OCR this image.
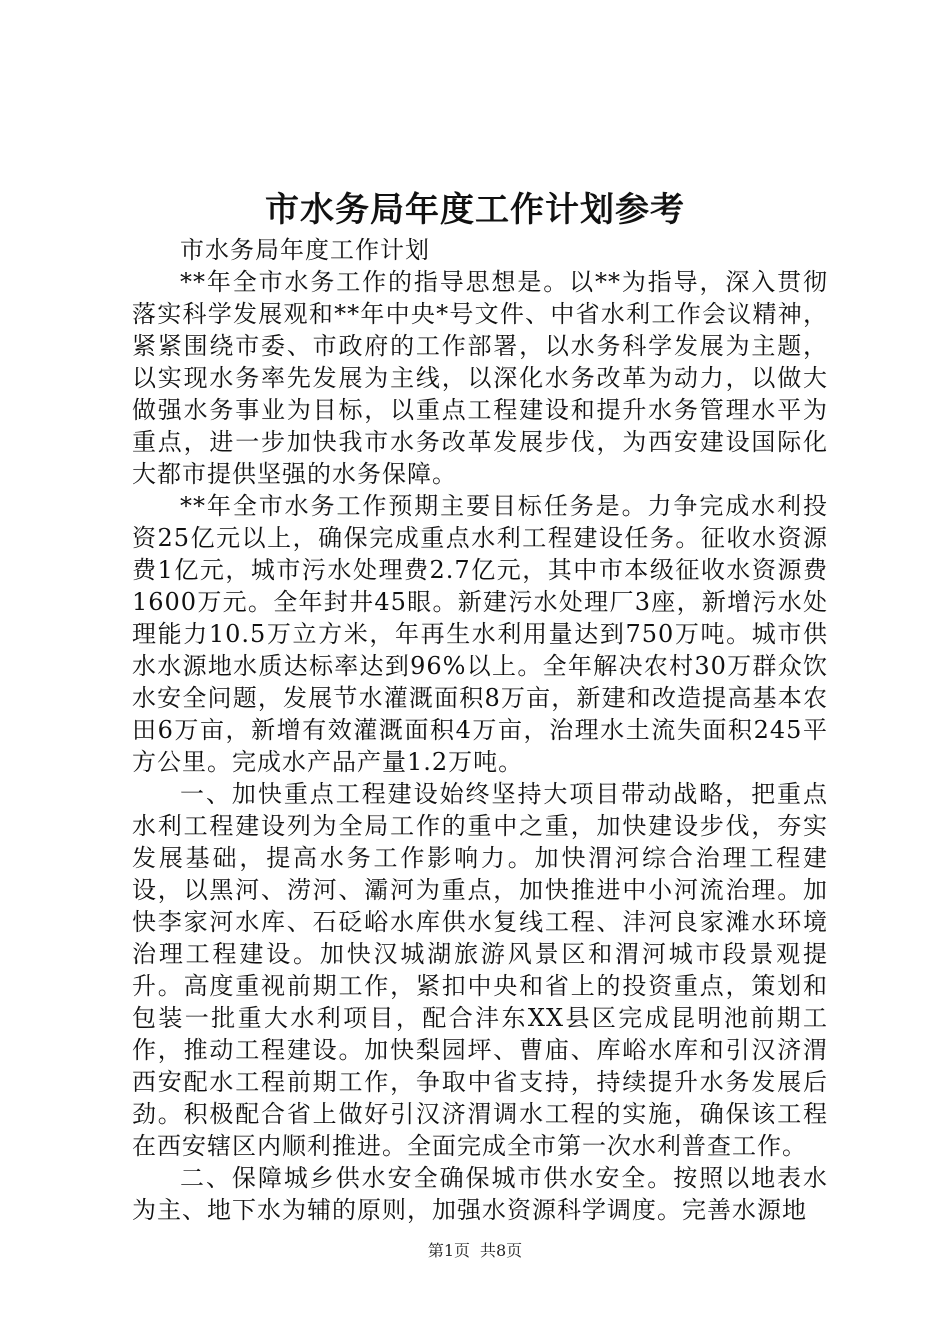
市水务局年度工作计划参考

市水务局年度工作计划

**年全市水务工作的指导思想是。以**为指导，深入贯彻落实科学发展观和**年中央*号文件、中省水利工作会议精神，紧紧围绕市委、市政府的工作部署，以水务科学发展为主题，以实现水务率先发展为主线，以深化水务改革为动力，以做大做强水务事业为目标，以重点工程建设和提升水务管理水平为重点，进一步加快我市水务改革发展步伐，为西安建设国际化大都市提供坚强的水务保障。

**年全市水务工作预期主要目标任务是。力争完成水利投资25亿元以上，确保完成重点水利工程建设任务。征收水资源费1亿元，城市污水处理费2.7亿元，其中市本级征收水资源费1600万元。全年封井45眼。新建污水处理厂3座，新增污水处理能力10.5万立方米，年再生水利用量达到750万吨。城市供水水源地水质达标率达到96%以上。全年解决农村30万群众饮水安全问题，发展节水灌溉面积8万亩，新建和改造提高基本农田6万亩，新增有效灌溉面积4万亩，治理水土流失面积245平方公里。完成水产品产量1.2万吨。

一、加快重点工程建设始终坚持大项目带动战略，把重点水利工程建设列为全局工作的重中之重，加快建设步伐，夯实发展基础，提高水务工作影响力。加快渭河综合治理工程建设，以黑河、涝河、灞河为重点，加快推进中小河流治理。加快李家河水库、石砭峪水库供水复线工程、沣河良家滩水环境治理工程建设。加快汉城湖旅游风景区和渭河城市段景观提升。高度重视前期工作，紧扣中央和省上的投资重点，策划和包装一批重大水利项目，配合沣东XX县区完成昆明池前期工作，推动工程建设。加快梨园坪、曹庙、库峪水库和引汉济渭西安配水工程前期工作，争取中省支持，持续提升水务发展后劲。积极配合省上做好引汉济渭调水工程的实施，确保该工程在西安辖区内顺利推进。全面完成全市第一次水利普查工作。

二、保障城乡供水安全确保城市供水安全。按照以地表水为主、地下水为辅的原则，加强水资源科学调度。完善水源地

第1页 共8页
